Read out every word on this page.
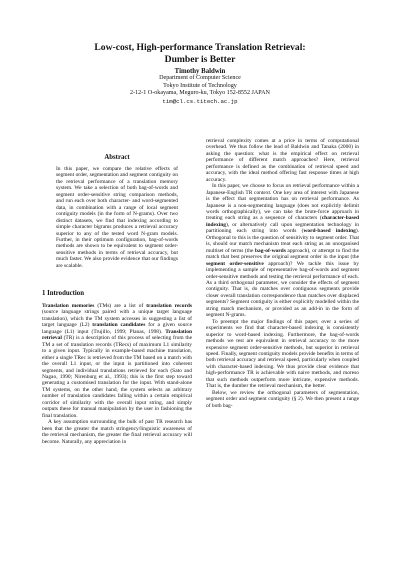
Low-cost, High-performance Translation Retrieval:
Dumber is Better
Timothy Baldwin
Department of Computer Science
Tokyo Institute of Technology
2-12-1 O-okayama, Meguro-ku, Tokyo 152-8552 JAPAN
tim@cl.cs.titech.ac.jp
Abstract
In this paper, we compare the relative effects of segment order, segmentation and segment contiguity on the retrieval performance of a translation memory system. We take a selection of both bag-of-words and segment order-sensitive string comparison methods, and run each over both character- and word-segmented data, in combination with a range of local segment contiguity models (in the form of N-grams). Over two distinct datasets, we find that indexing according to simple character bigrams produces a retrieval accuracy superior to any of the tested word N-gram models. Further, in their optimum configuration, bag-of-words methods are shown to be equivalent to segment order-sensitive methods in terms of retrieval accuracy, but much faster. We also provide evidence that our findings are scalable.
1 Introduction

Translation memories (TMs) are a list of translation records (source language strings paired with a unique target language translation), which the TM system accesses in suggesting a list of target language (L2) translation candidates for a given source language (L1) input (Trujillo, 1999; Planas, 1998). Translation retrieval (TR) is a description of this process of selecting from the TM a set of translation records (TRecs) of maximum L1 similarity to a given input. Typically in example-based machine translation, either a single TRec is retrieved from the TM based on a match with the overall L1 input, or the input is partitioned into coherent segments, and individual translations retrieved for each (Sato and Nagao, 1990; Nirenburg et al., 1993); this is the first step toward generating a customised translation for the input. With stand-alone TM systems, on the other hand, the system selects an arbitrary number of translation candidates falling within a certain empirical corridor of similarity with the overall input string, and simply outputs these for manual manipulation by the user in fashioning the final translation.

A key assumption surrounding the bulk of past TR research has been that the greater the match stringency/linguistic awareness of the retrieval mechanism, the greater the final retrieval accuracy will become. Naturally, any appreciation in

retrieval complexity comes at a price in terms of computational overhead. We thus follow the lead of Baldwin and Tanaka (2000) in asking the question: what is the empirical effect on retrieval performance of different match approaches? Here, retrieval performance is defined as the combination of retrieval speed and accuracy, with the ideal method offering fast response times at high accuracy.

In this paper, we choose to focus on retrieval performance within a Japanese-English TR context. One key area of interest with Japanese is the effect that segmentation has on retrieval performance. As Japanese is a non-segmenting language (does not explicitly delimit words orthographically), we can take the brute-force approach in treating each string as a sequence of characters (character-based indexing), or alternatively call upon segmentation technology in partitioning each string into words (word-based indexing). Orthogonal to this is the question of sensitivity to segment order. That is, should our match mechanism treat each string as an unorganised multiset of terms (the bag-of-words approach), or attempt to find the match that best preserves the original segment order in the input (the segment order-sensitive approach)? We tackle this issue by implementing a sample of representative bag-of-words and segment order-sensitive methods and testing the retrieval performance of each. As a third orthogonal parameter, we consider the effects of segment contiguity. That is, do matches over contiguous segments provide closer overall translation correspondence than matches over displaced segments? Segment contiguity is either explicitly modelled within the string match mechanism, or provided as an add-in in the form of segment N-grams.

To preempt the major findings of this paper, over a series of experiments we find that character-based indexing is consistently superior to word-based indexing. Furthermore, the bag-of-words methods we test are equivalent in retrieval accuracy to the more expensive segment order-sensitive methods, but superior in retrieval speed. Finally, segment contiguity models provide benefits in terms of both retrieval accuracy and retrieval speed, particularly when coupled with character-based indexing. We thus provide clear evidence that high-performance TR is achievable with naive methods, and moreso that such methods outperform more intricate, expensive methods. That is, the dumber the retrieval mechanism, the better.

Below, we review the orthogonal parameters of segmentation, segment order and segment contiguity (§ 2). We then present a range of both bag-
